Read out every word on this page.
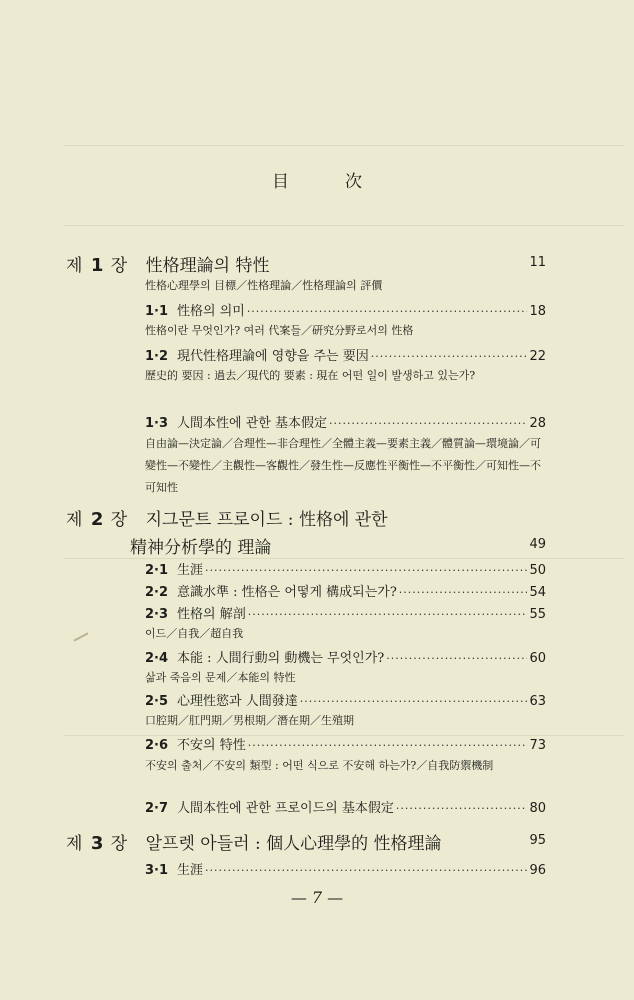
目	次
제 1 장 性格理論의 特性	11
性格心理學의 目標／性格理論／性格理論의 評價
1·1 性格의 의미 ·····	18
性格이란 무엇인가? 여러 代案들／硏究分野로서의 性格
1·2 現代性格理論에 영향을 주는 要因 ·····	22
歷史的 要因 : 過去／現代的 要素 : 現在 어떤 일이 발생하고 있는가?
1·3 人間本性에 관한 基本假定 ·····	28
自由論—決定論／合理性—非合理性／全體主義—要素主義／體質論—環境論／可變性—不變性／主觀性—客觀性／發生性—反應性平衡性—不平衡性／可知性—不可知性
제 2 장 지그문트 프로이드 : 性格에 관한
精神分析學的 理論	49
2·1 生涯 ·····	50
2·2 意識水準 : 性格은 어떻게 構成되는가? ·····	54
2·3 性格의 解剖 ·····	55
이드／自我／超自我
2·4 本能 : 人間行動의 動機는 무엇인가? ·····	60
삶과 죽음의 문제／本能의 特性
2·5 心理性慾과 人間發達 ·····	63
口腔期／肛門期／男根期／潛在期／生殖期
2·6 不安의 特性 ·····	73
不安의 출처／不安의 類型 : 어떤 식으로 不安해 하는가?／自我防禦機制
2·7 人間本性에 관한 프로이드의 基本假定 ·····	80
제 3 장 알프렛 아들러 : 個人心理學的 性格理論	95
3·1 生涯 ·····	96
— 7 —
